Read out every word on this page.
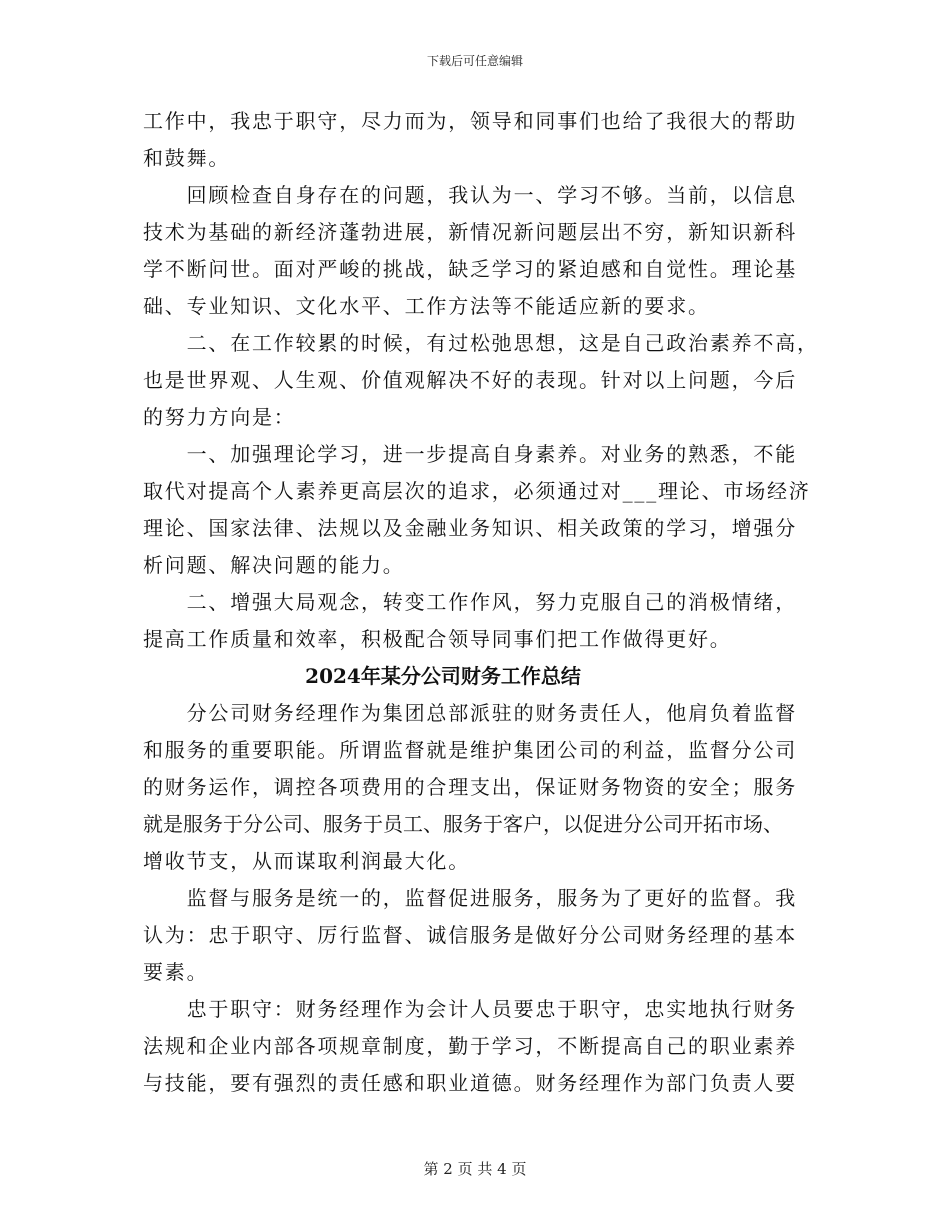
下载后可任意编辑
工作中，我忠于职守，尽力而为，领导和同事们也给了我很大的帮助
和鼓舞。
　　回顾检查自身存在的问题，我认为一、学习不够。当前，以信息
技术为基础的新经济蓬勃进展，新情况新问题层出不穷，新知识新科
学不断问世。面对严峻的挑战，缺乏学习的紧迫感和自觉性。理论基
础、专业知识、文化水平、工作方法等不能适应新的要求。
　　二、在工作较累的时候，有过松弛思想，这是自己政治素养不高，
也是世界观、人生观、价值观解决不好的表现。针对以上问题，今后
的努力方向是：
　　一、加强理论学习，进一步提高自身素养。对业务的熟悉，不能
取代对提高个人素养更高层次的追求，必须通过对___理论、市场经济
理论、国家法律、法规以及金融业务知识、相关政策的学习，增强分
析问题、解决问题的能力。
　　二、增强大局观念，转变工作作风，努力克服自己的消极情绪，
提高工作质量和效率，积极配合领导同事们把工作做得更好。
2024年某分公司财务工作总结
　　分公司财务经理作为集团总部派驻的财务责任人，他肩负着监督
和服务的重要职能。所谓监督就是维护集团公司的利益，监督分公司
的财务运作，调控各项费用的合理支出，保证财务物资的安全；服务
就是服务于分公司、服务于员工、服务于客户，以促进分公司开拓市场、
增收节支，从而谋取利润最大化。
　　监督与服务是统一的，监督促进服务，服务为了更好的监督。我
认为：忠于职守、厉行监督、诚信服务是做好分公司财务经理的基本
要素。
　　忠于职守：财务经理作为会计人员要忠于职守，忠实地执行财务
法规和企业内部各项规章制度，勤于学习，不断提高自己的职业素养
与技能，要有强烈的责任感和职业道德。财务经理作为部门负责人要
第 2 页 共 4 页
